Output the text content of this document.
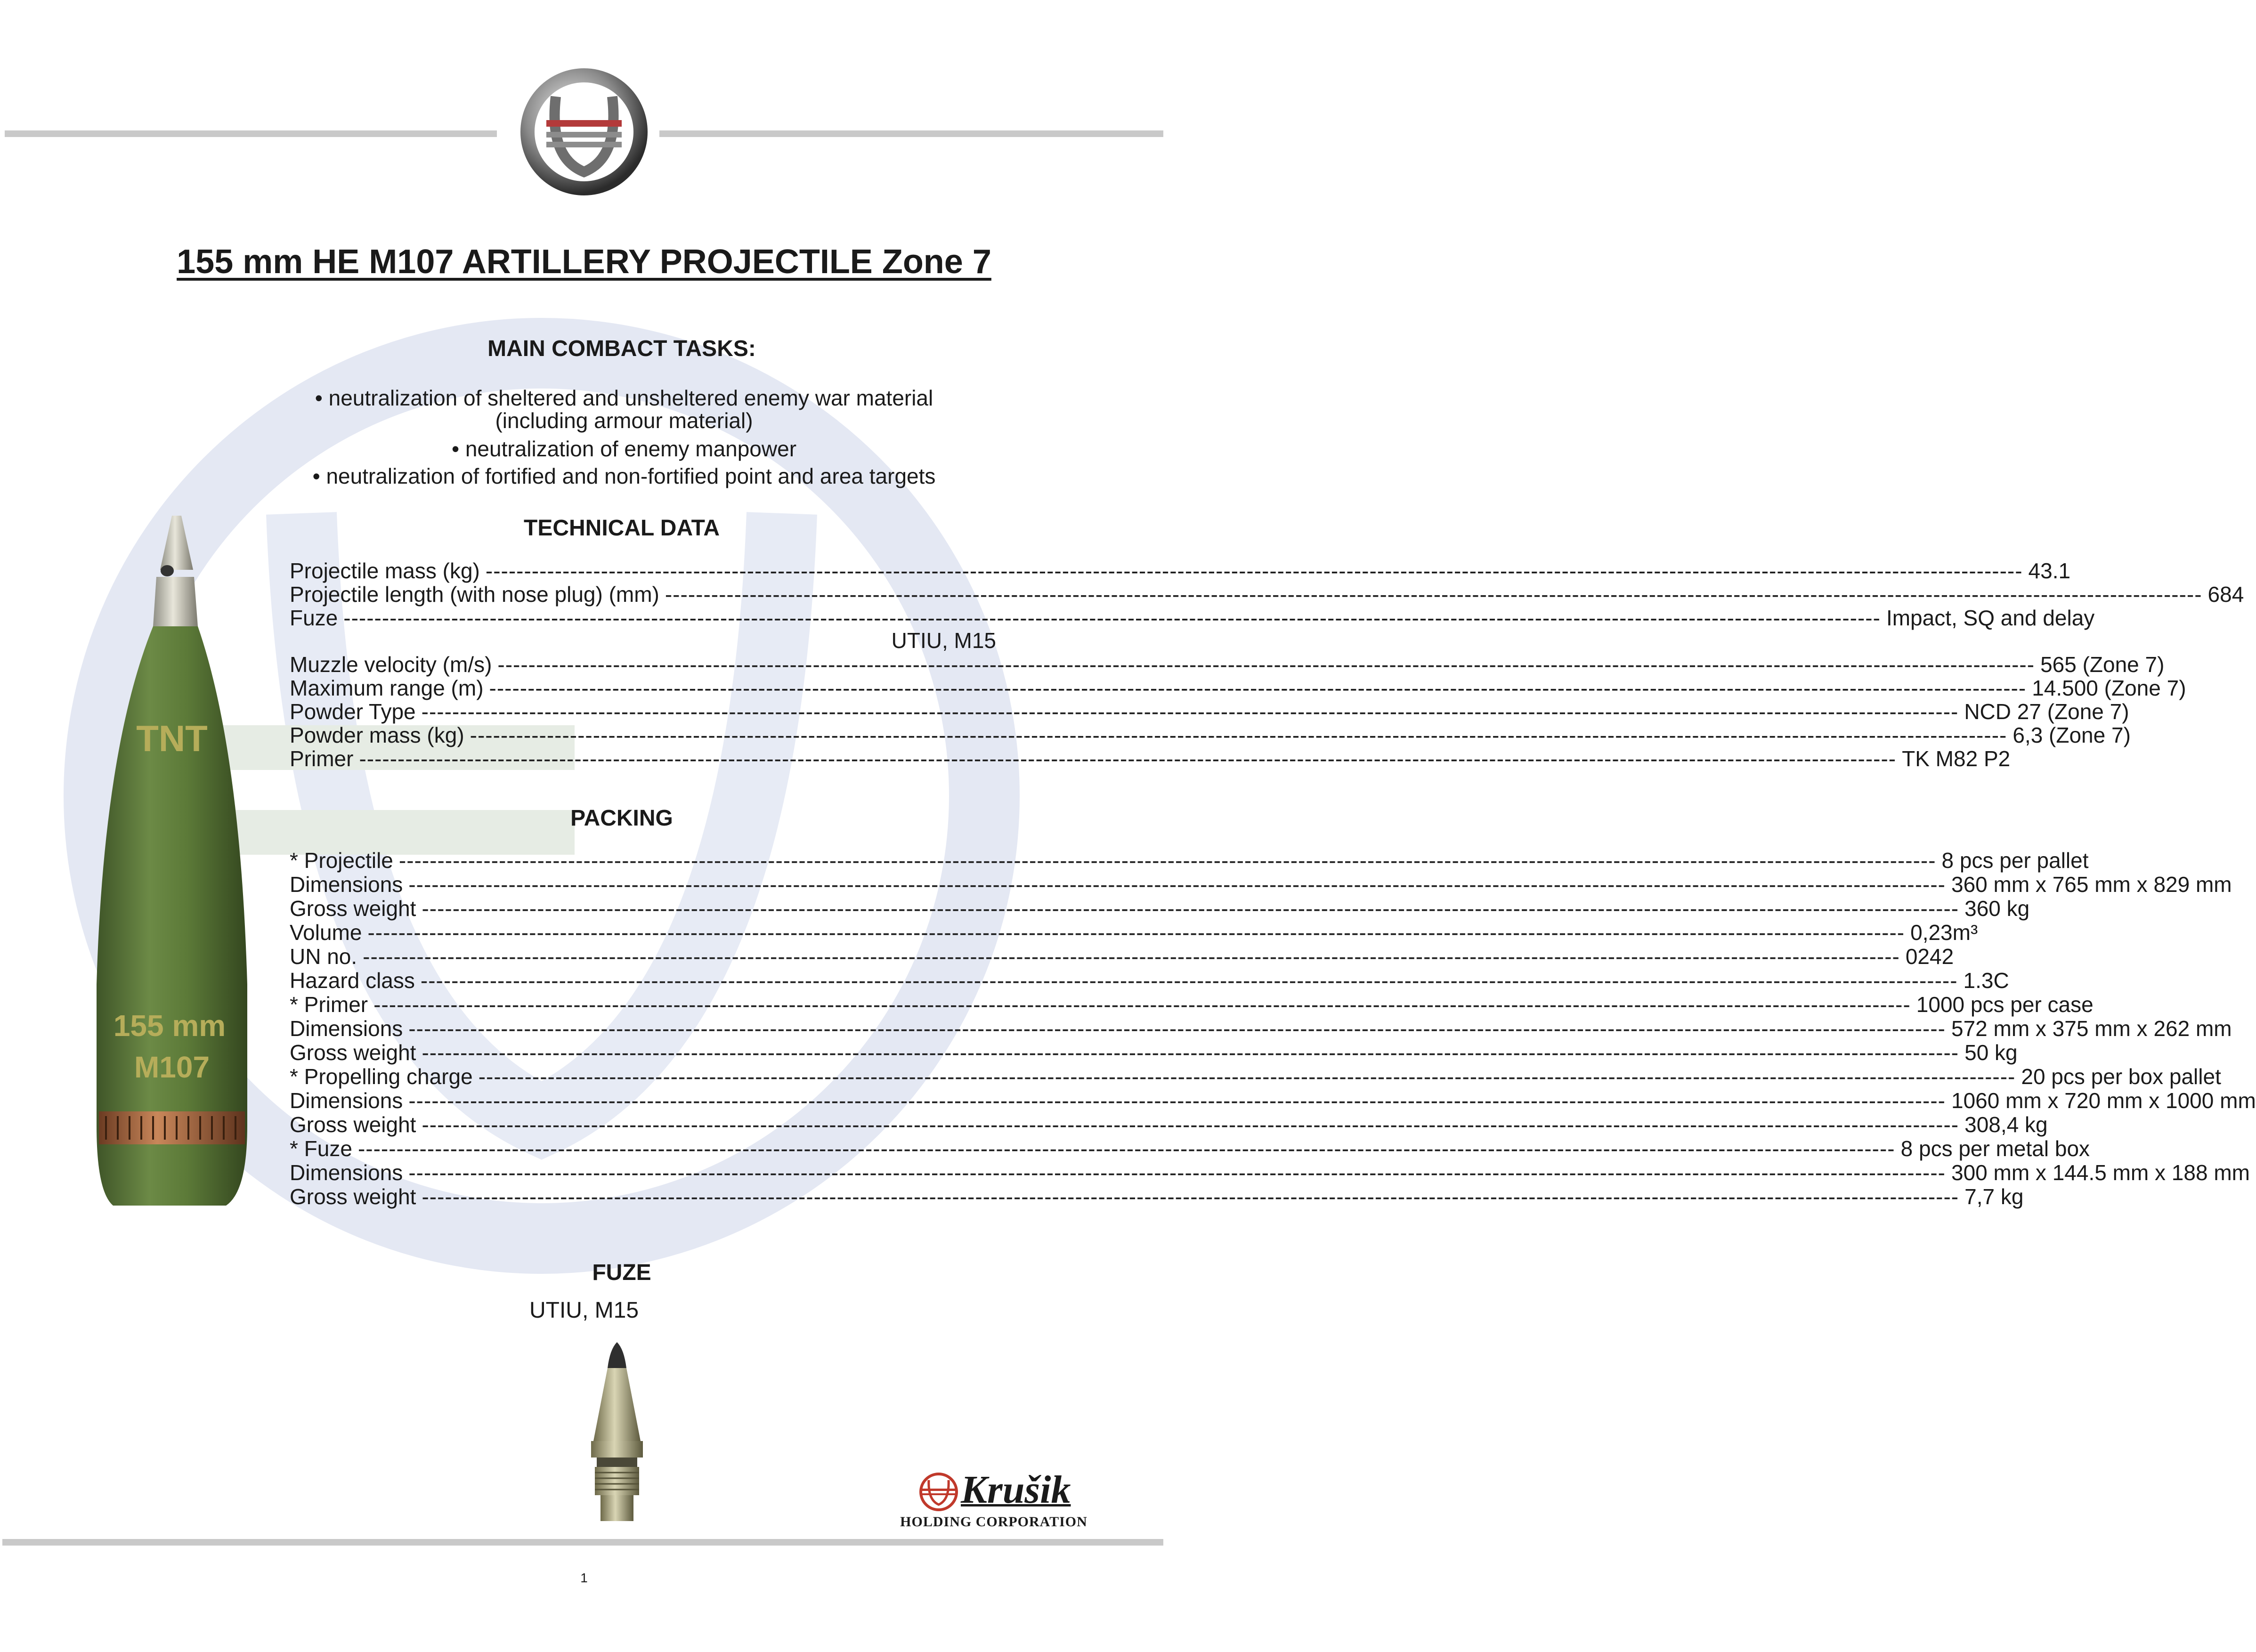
155 mm HE M107 ARTILLERY PROJECTILE Zone 7
MAIN COMBACT TASKS:
• neutralization of sheltered and unsheltered enemy war material
(including armour material)
• neutralization of enemy manpower
• neutralization of fortified and non-fortified point and area targets
TECHNICAL DATA
Projectile mass (kg) -------------------------------------------------------------------------------------------------------------------------------------------------------------------------------------------------------- 43.1
Projectile length (with nose plug) (mm) -------------------------------------------------------------------------------------------------------------------------------------------------------------------------------------------------------- 684
Fuze -------------------------------------------------------------------------------------------------------------------------------------------------------------------------------------------------------- Impact, SQ and delay
Muzzle velocity (m/s) -------------------------------------------------------------------------------------------------------------------------------------------------------------------------------------------------------- 565 (Zone 7)
Maximum range (m) -------------------------------------------------------------------------------------------------------------------------------------------------------------------------------------------------------- 14.500 (Zone 7)
Powder Type -------------------------------------------------------------------------------------------------------------------------------------------------------------------------------------------------------- NCD 27 (Zone 7)
Powder mass (kg) -------------------------------------------------------------------------------------------------------------------------------------------------------------------------------------------------------- 6,3 (Zone 7)
Primer -------------------------------------------------------------------------------------------------------------------------------------------------------------------------------------------------------- TK M82 P2
UTIU, M15
PACKING
* Projectile -------------------------------------------------------------------------------------------------------------------------------------------------------------------------------------------------------- 8 pcs per pallet
Dimensions -------------------------------------------------------------------------------------------------------------------------------------------------------------------------------------------------------- 360 mm x 765 mm x 829 mm
Gross weight -------------------------------------------------------------------------------------------------------------------------------------------------------------------------------------------------------- 360 kg
Volume -------------------------------------------------------------------------------------------------------------------------------------------------------------------------------------------------------- 0,23m³
UN no. -------------------------------------------------------------------------------------------------------------------------------------------------------------------------------------------------------- 0242
Hazard class -------------------------------------------------------------------------------------------------------------------------------------------------------------------------------------------------------- 1.3C
* Primer -------------------------------------------------------------------------------------------------------------------------------------------------------------------------------------------------------- 1000 pcs per case
Dimensions -------------------------------------------------------------------------------------------------------------------------------------------------------------------------------------------------------- 572 mm x 375 mm x 262 mm
Gross weight -------------------------------------------------------------------------------------------------------------------------------------------------------------------------------------------------------- 50 kg
* Propelling charge -------------------------------------------------------------------------------------------------------------------------------------------------------------------------------------------------------- 20 pcs per box pallet
Dimensions -------------------------------------------------------------------------------------------------------------------------------------------------------------------------------------------------------- 1060 mm x 720 mm x 1000 mm
Gross weight -------------------------------------------------------------------------------------------------------------------------------------------------------------------------------------------------------- 308,4 kg
* Fuze -------------------------------------------------------------------------------------------------------------------------------------------------------------------------------------------------------- 8 pcs per metal box
Dimensions -------------------------------------------------------------------------------------------------------------------------------------------------------------------------------------------------------- 300 mm x 144.5 mm x 188 mm
Gross weight -------------------------------------------------------------------------------------------------------------------------------------------------------------------------------------------------------- 7,7 kg
TNT
155 mm
M107
FUZE
UTIU, M15
Krušik
HOLDING CORPORATION
1
